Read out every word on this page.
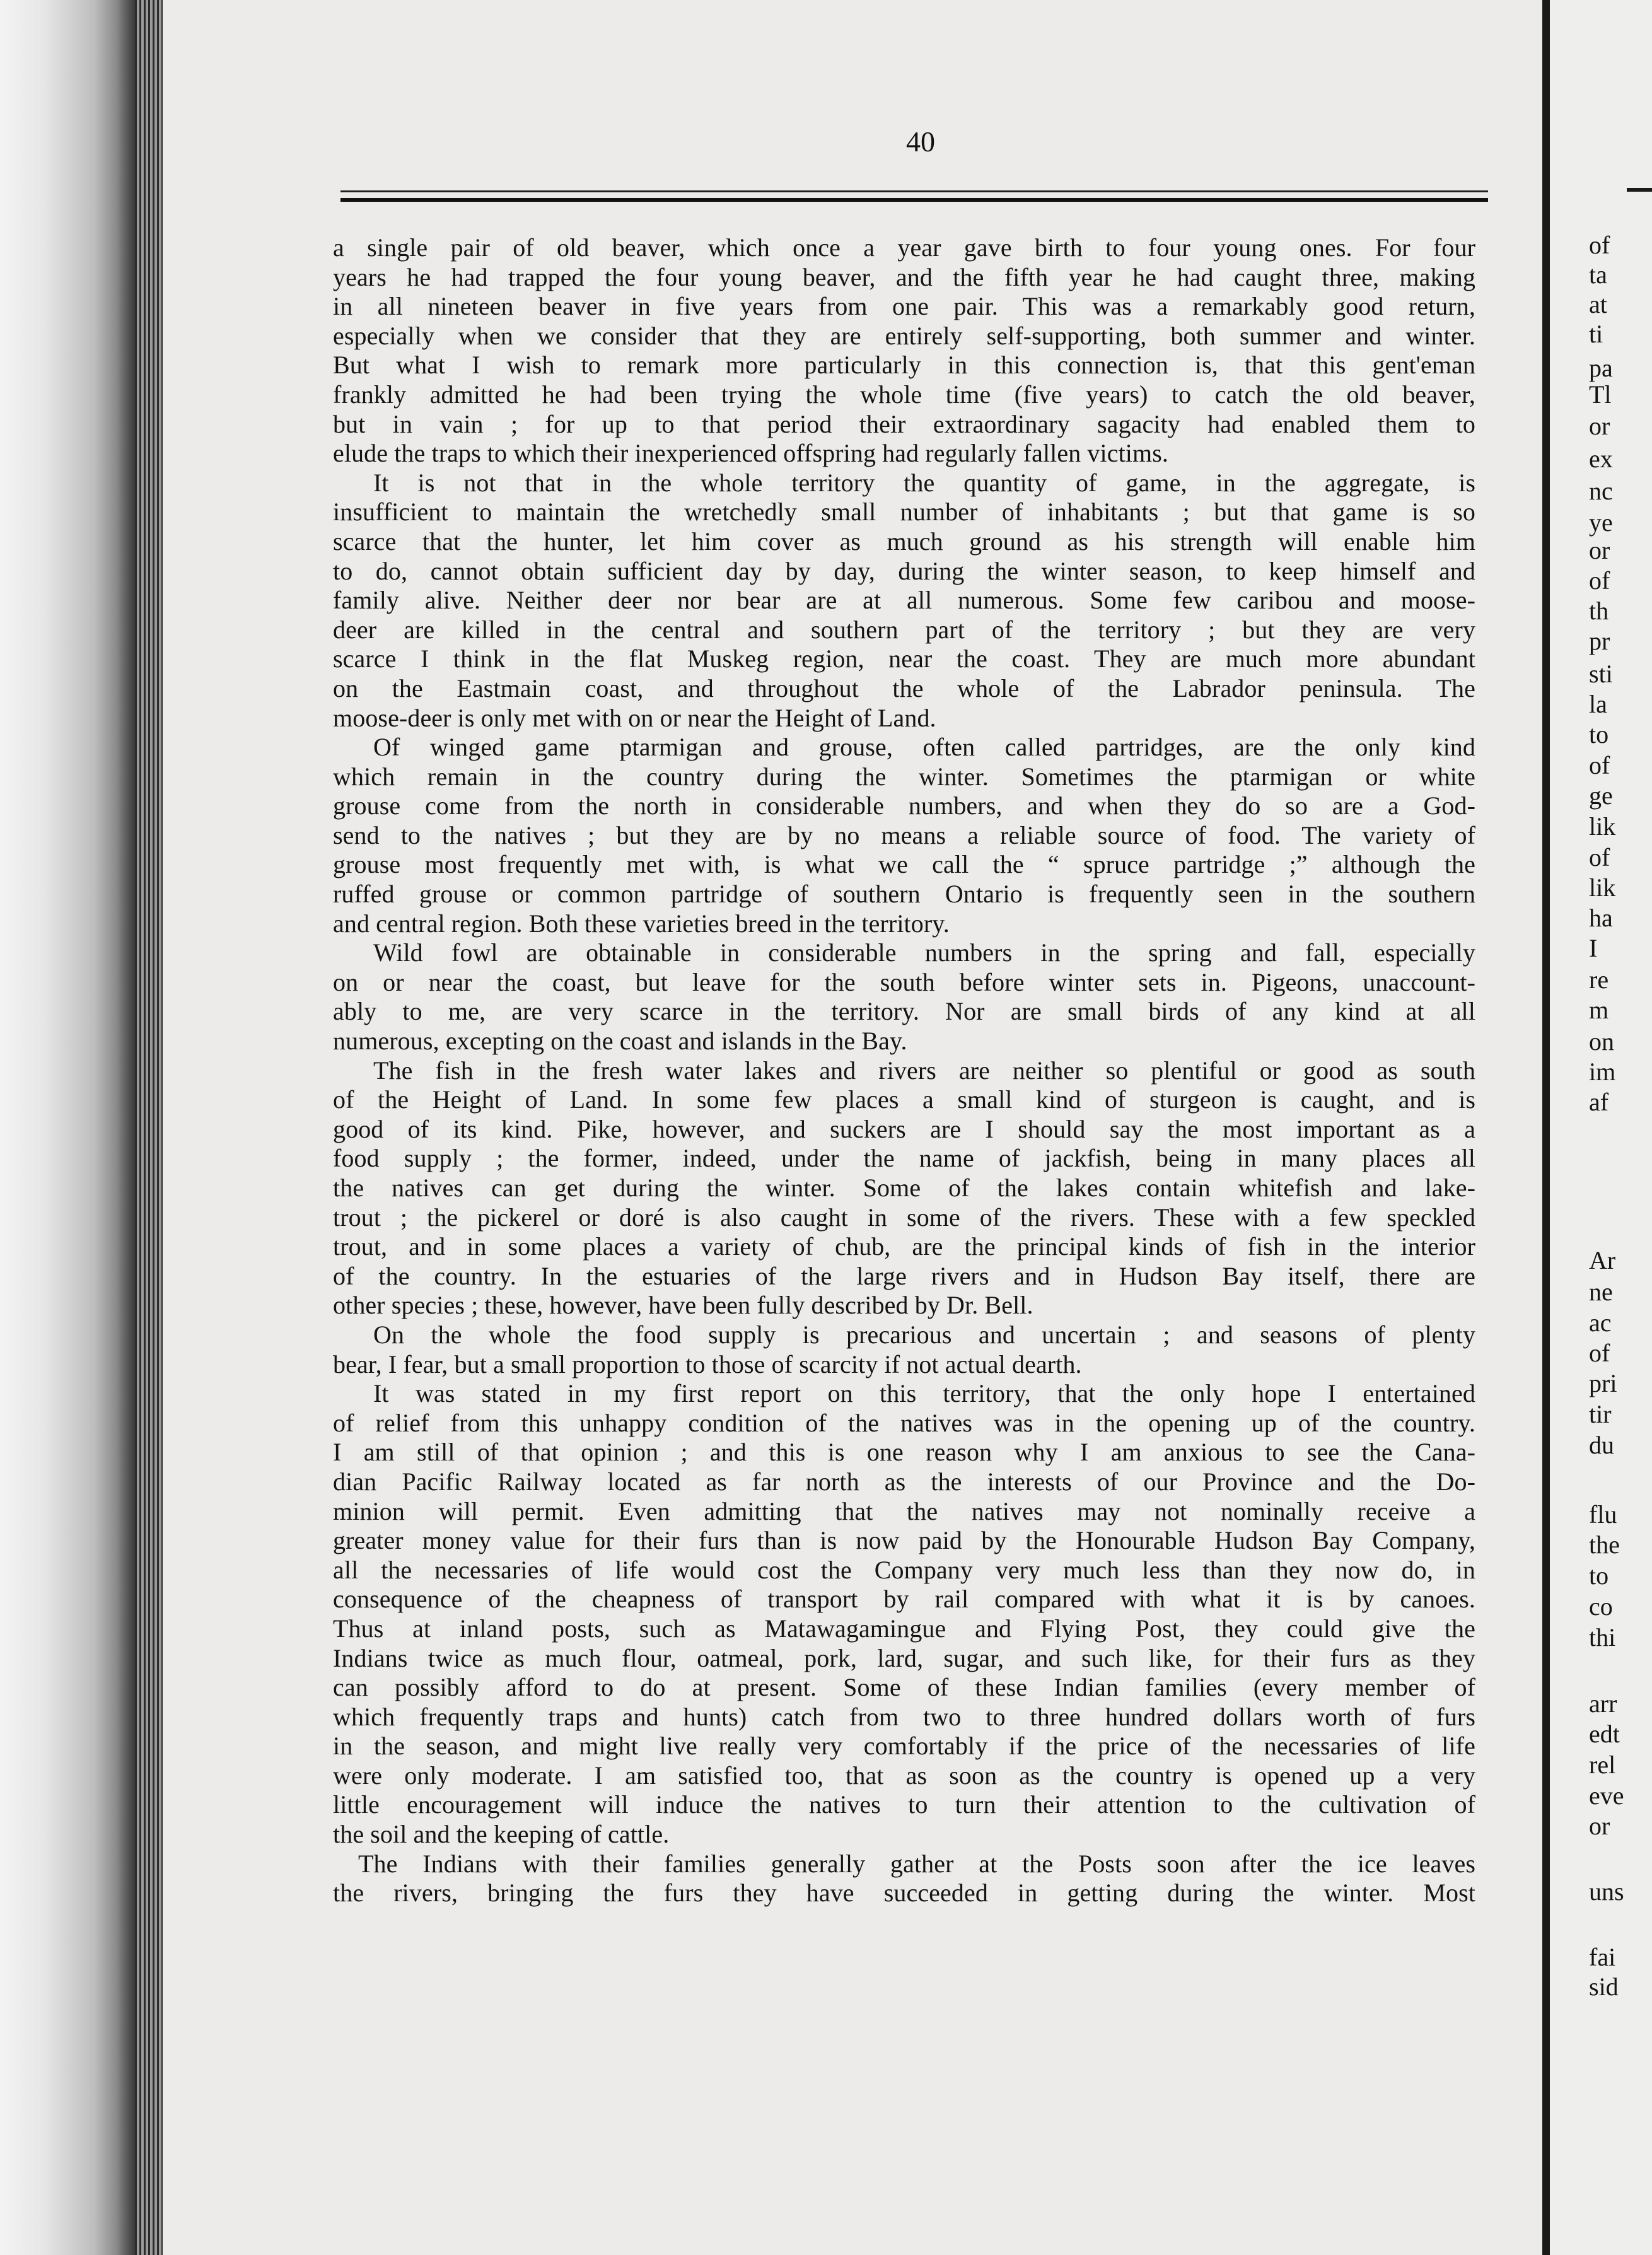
40
a single pair of old beaver, which once a year gave birth to four young ones. For four
years he had trapped the four young beaver, and the fifth year he had caught three, making
in all nineteen beaver in five years from one pair. This was a remarkably good return,
especially when we consider that they are entirely self-supporting, both summer and winter.
But what I wish to remark more particularly in this connection is, that this gent'eman
frankly admitted he had been trying the whole time (five years) to catch the old beaver,
but in vain ; for up to that period their extraordinary sagacity had enabled them to
elude the traps to which their inexperienced offspring had regularly fallen victims.
It is not that in the whole territory the quantity of game, in the aggregate, is
insufficient to maintain the wretchedly small number of inhabitants ; but that game is so
scarce that the hunter, let him cover as much ground as his strength will enable him
to do, cannot obtain sufficient day by day, during the winter season, to keep himself and
family alive. Neither deer nor bear are at all numerous. Some few caribou and moose-
deer are killed in the central and southern part of the territory ; but they are very
scarce I think in the flat Muskeg region, near the coast. They are much more abundant
on the Eastmain coast, and throughout the whole of the Labrador peninsula. The
moose-deer is only met with on or near the Height of Land.
Of winged game ptarmigan and grouse, often called partridges, are the only kind
which remain in the country during the winter. Sometimes the ptarmigan or white
grouse come from the north in considerable numbers, and when they do so are a God-
send to the natives ; but they are by no means a reliable source of food. The variety of
grouse most frequently met with, is what we call the “ spruce partridge ;” although the
ruffed grouse or common partridge of southern Ontario is frequently seen in the southern
and central region. Both these varieties breed in the territory.
Wild fowl are obtainable in considerable numbers in the spring and fall, especially
on or near the coast, but leave for the south before winter sets in. Pigeons, unaccount-
ably to me, are very scarce in the territory. Nor are small birds of any kind at all
numerous, excepting on the coast and islands in the Bay.
The fish in the fresh water lakes and rivers are neither so plentiful or good as south
of the Height of Land. In some few places a small kind of sturgeon is caught, and is
good of its kind. Pike, however, and suckers are I should say the most important as a
food supply ; the former, indeed, under the name of jackfish, being in many places all
the natives can get during the winter. Some of the lakes contain whitefish and lake-
trout ; the pickerel or doré is also caught in some of the rivers. These with a few speckled
trout, and in some places a variety of chub, are the principal kinds of fish in the interior
of the country. In the estuaries of the large rivers and in Hudson Bay itself, there are
other species ; these, however, have been fully described by Dr. Bell.
On the whole the food supply is precarious and uncertain ; and seasons of plenty
bear, I fear, but a small proportion to those of scarcity if not actual dearth.
It was stated in my first report on this territory, that the only hope I entertained
of relief from this unhappy condition of the natives was in the opening up of the country.
I am still of that opinion ; and this is one reason why I am anxious to see the Cana-
dian Pacific Railway located as far north as the interests of our Province and the Do-
minion will permit. Even admitting that the natives may not nominally receive a
greater money value for their furs than is now paid by the Honourable Hudson Bay Company,
all the necessaries of life would cost the Company very much less than they now do, in
consequence of the cheapness of transport by rail compared with what it is by canoes.
Thus at inland posts, such as Matawagamingue and Flying Post, they could give the
Indians twice as much flour, oatmeal, pork, lard, sugar, and such like, for their furs as they
can possibly afford to do at present. Some of these Indian families (every member of
which frequently traps and hunts) catch from two to three hundred dollars worth of furs
in the season, and might live really very comfortably if the price of the necessaries of life
were only moderate. I am satisfied too, that as soon as the country is opened up a very
little encouragement will induce the natives to turn their attention to the cultivation of
the soil and the keeping of cattle.
The Indians with their families generally gather at the Posts soon after the ice leaves
the rivers, bringing the furs they have succeeded in getting during the winter. Most
of
ta
at
ti
pa
Tl
or
ex
nc
ye
or
of
th
pr
sti
la
to
of
ge
lik
of
lik
ha
I
re
m
on
im
af
Ar
ne
ac
of
pri
tir
du
flu
the
to
co
thi
arr
edt
rel
eve
or
uns
fai
sid
